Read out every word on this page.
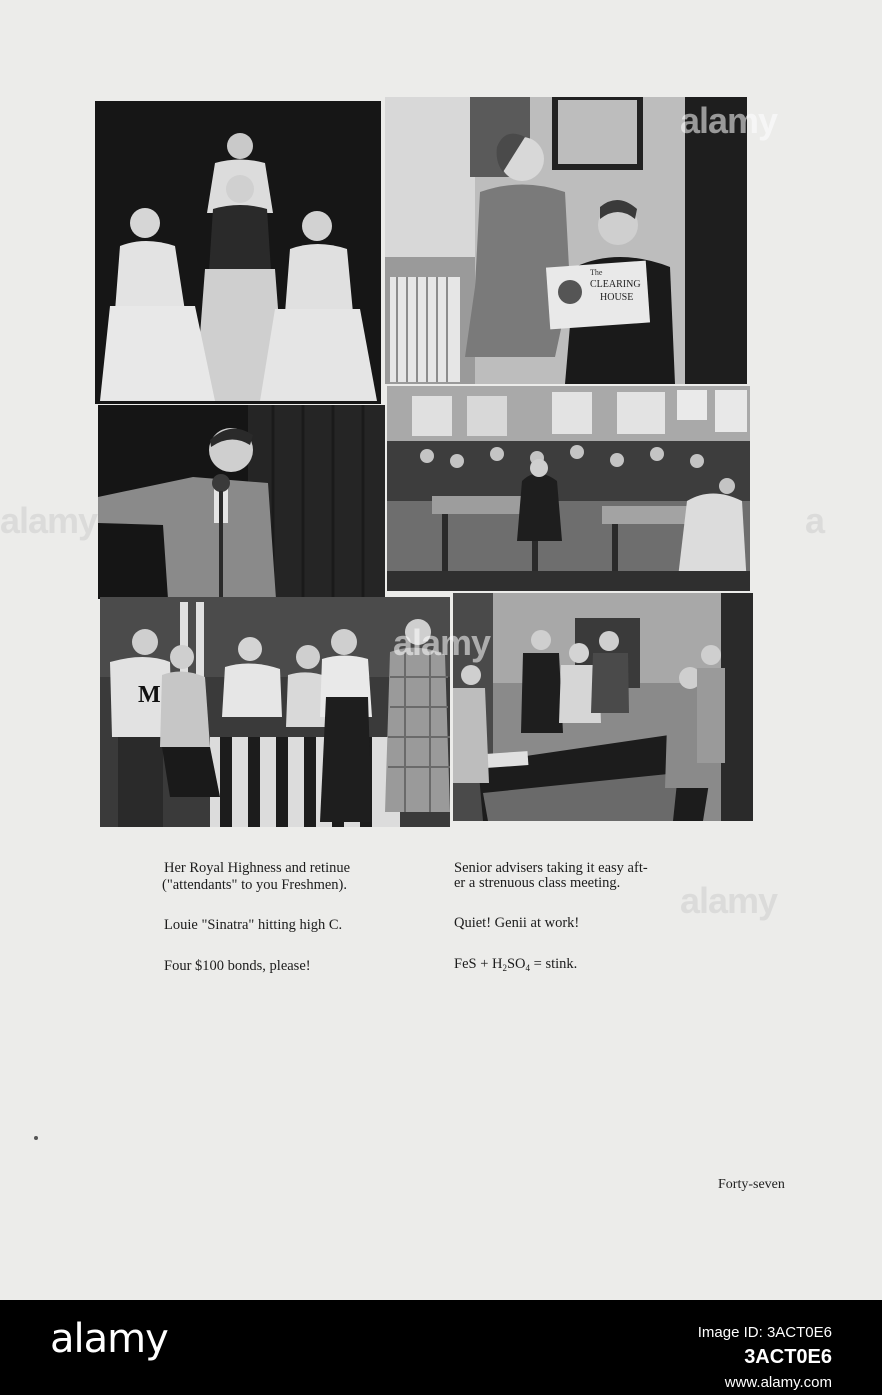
The
CLEARING
HOUSE
M
alamy
alamy	a
alamy
alamy
Her Royal Highness and retinue
("attendants" to you Freshmen).
Louie "Sinatra" hitting high C.
Four $100 bonds, please!
Senior advisers taking it easy aft-
er a strenuous class meeting.
Quiet! Genii at work!
FeS + $H_2SO_4$ = stink.
Forty-seven
alamy	Image ID: 3ACT0E6
3ACT0E6
www.alamy.com
